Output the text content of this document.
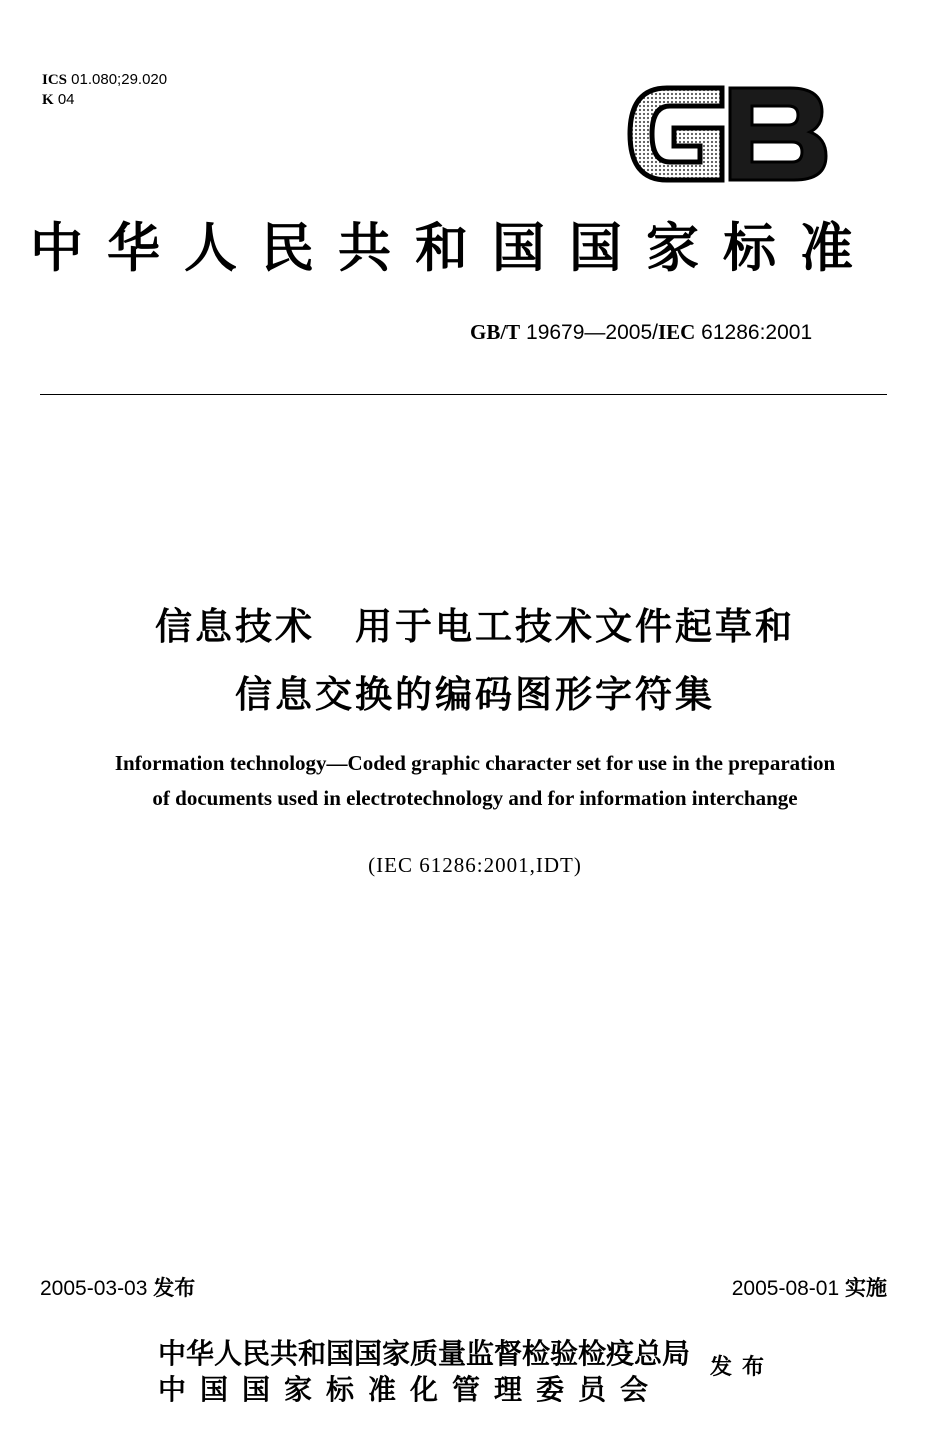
ICS 01.080;29.020
K 04
GB
中华人民共和国国家标准
GB/T 19679—2005/IEC 61286:2001
信息技术　用于电工技术文件起草和
信息交换的编码图形字符集
Information technology—Coded graphic character set for use in the preparation
of documents used in electrotechnology and for information interchange
(IEC 61286:2001,IDT)
2005-03-03 发布	2005-08-01 实施
中华人民共和国国家质量监督检验检疫总局
中国国家标准化管理委员会
发布
